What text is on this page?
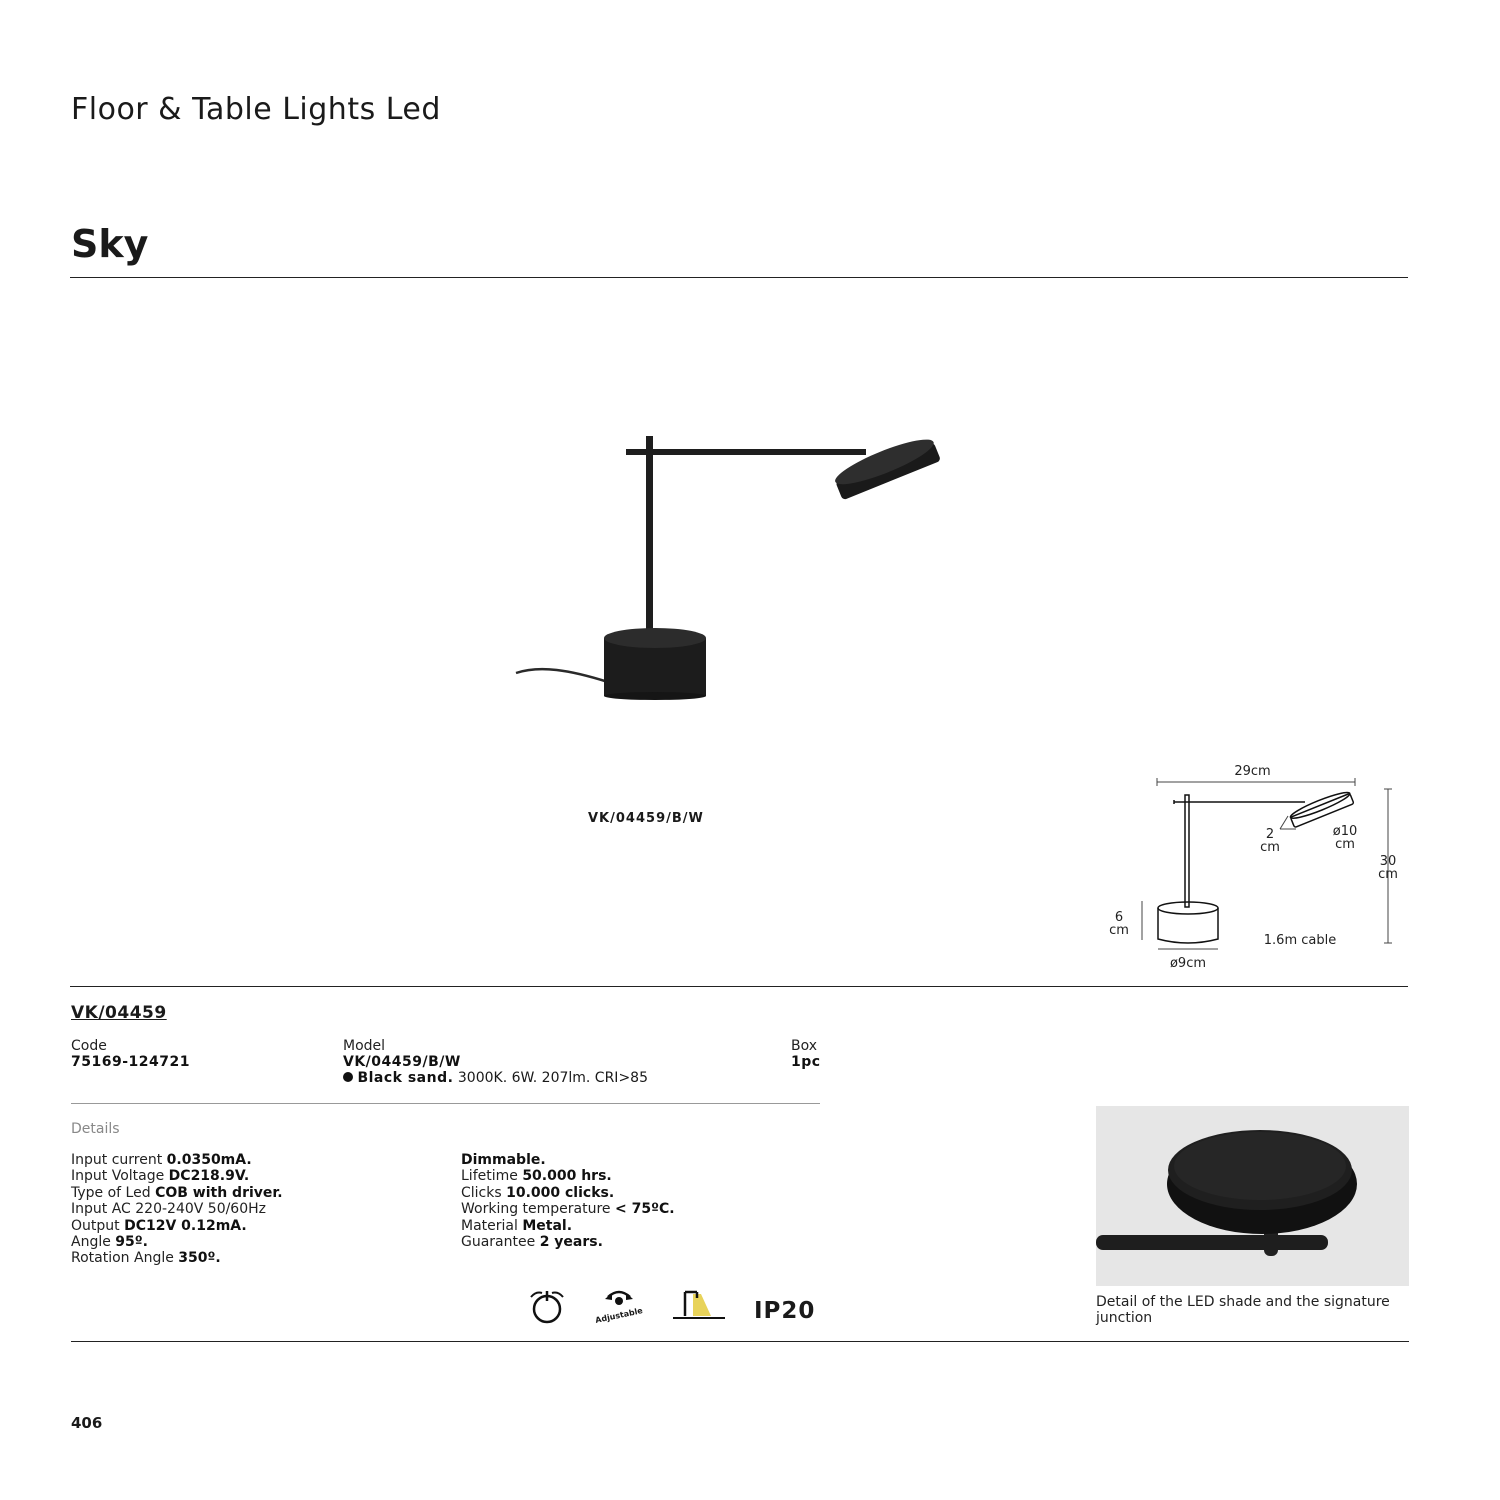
Floor & Table Lights Led
Sky
VK/04459/B/W
29cm
2
cm
ø10
cm
30
cm
6
cm
1.6m cable
ø9cm
VK/04459
Code
75169-124721
Model
VK/04459/B/W
Black sand. 3000K. 6W. 207lm. CRI>85
Box
1pc
Details
Input current 0.0350mA.
Input Voltage DC218.9V.
Type of Led COB with driver.
Input AC 220-240V 50/60Hz
Output DC12V 0.12mA.
Angle 95º.
Rotation Angle 350º.
Dimmable.
Lifetime 50.000 hrs.
Clicks 10.000 clicks.
Working temperature < 75ºC.
Material Metal.
Guarantee 2 years.
Adjustable	IP20	Detail of the LED shade and the signature junction
406
